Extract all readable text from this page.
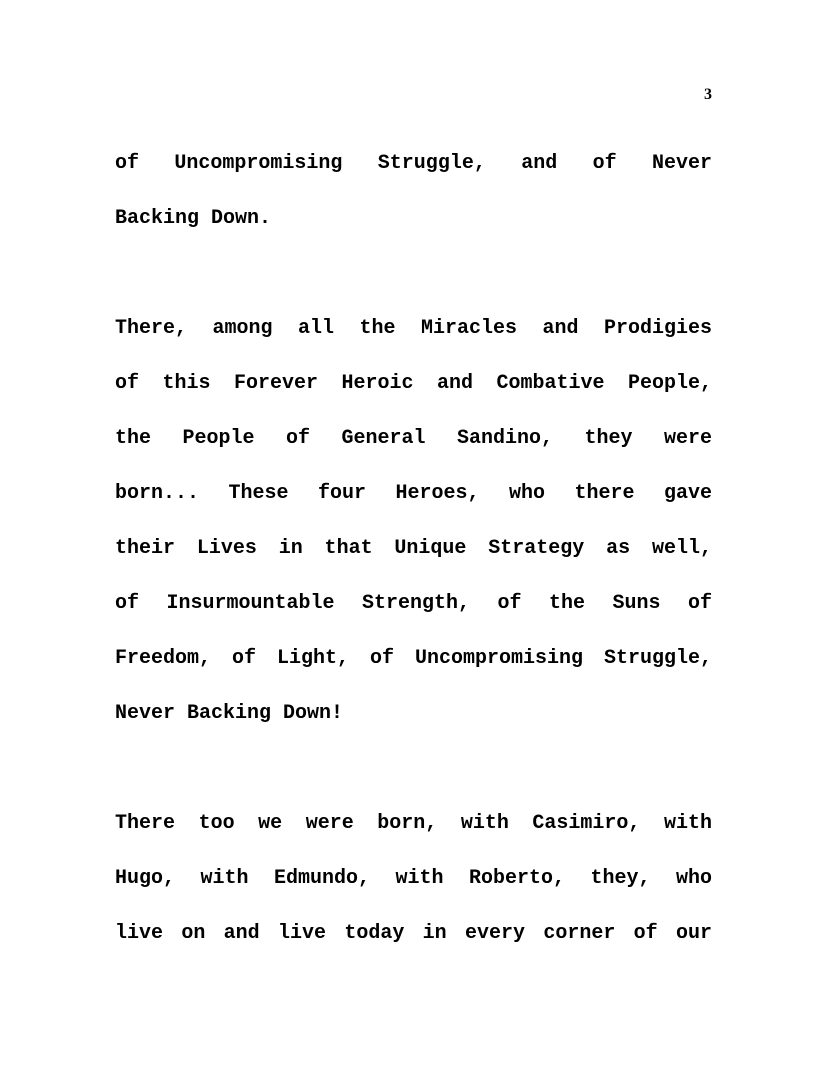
3
of Uncompromising Struggle, and of Never
Backing Down.
There, among all the Miracles and Prodigies
of this Forever Heroic and Combative People,
the People of General Sandino, they were
born... These four Heroes, who there gave
their Lives in that Unique Strategy as well,
of Insurmountable Strength, of the Suns of
Freedom, of Light, of Uncompromising Struggle,
Never Backing Down!
There too we were born, with Casimiro, with
Hugo, with Edmundo, with Roberto, they, who
live on and live today in every corner of our
